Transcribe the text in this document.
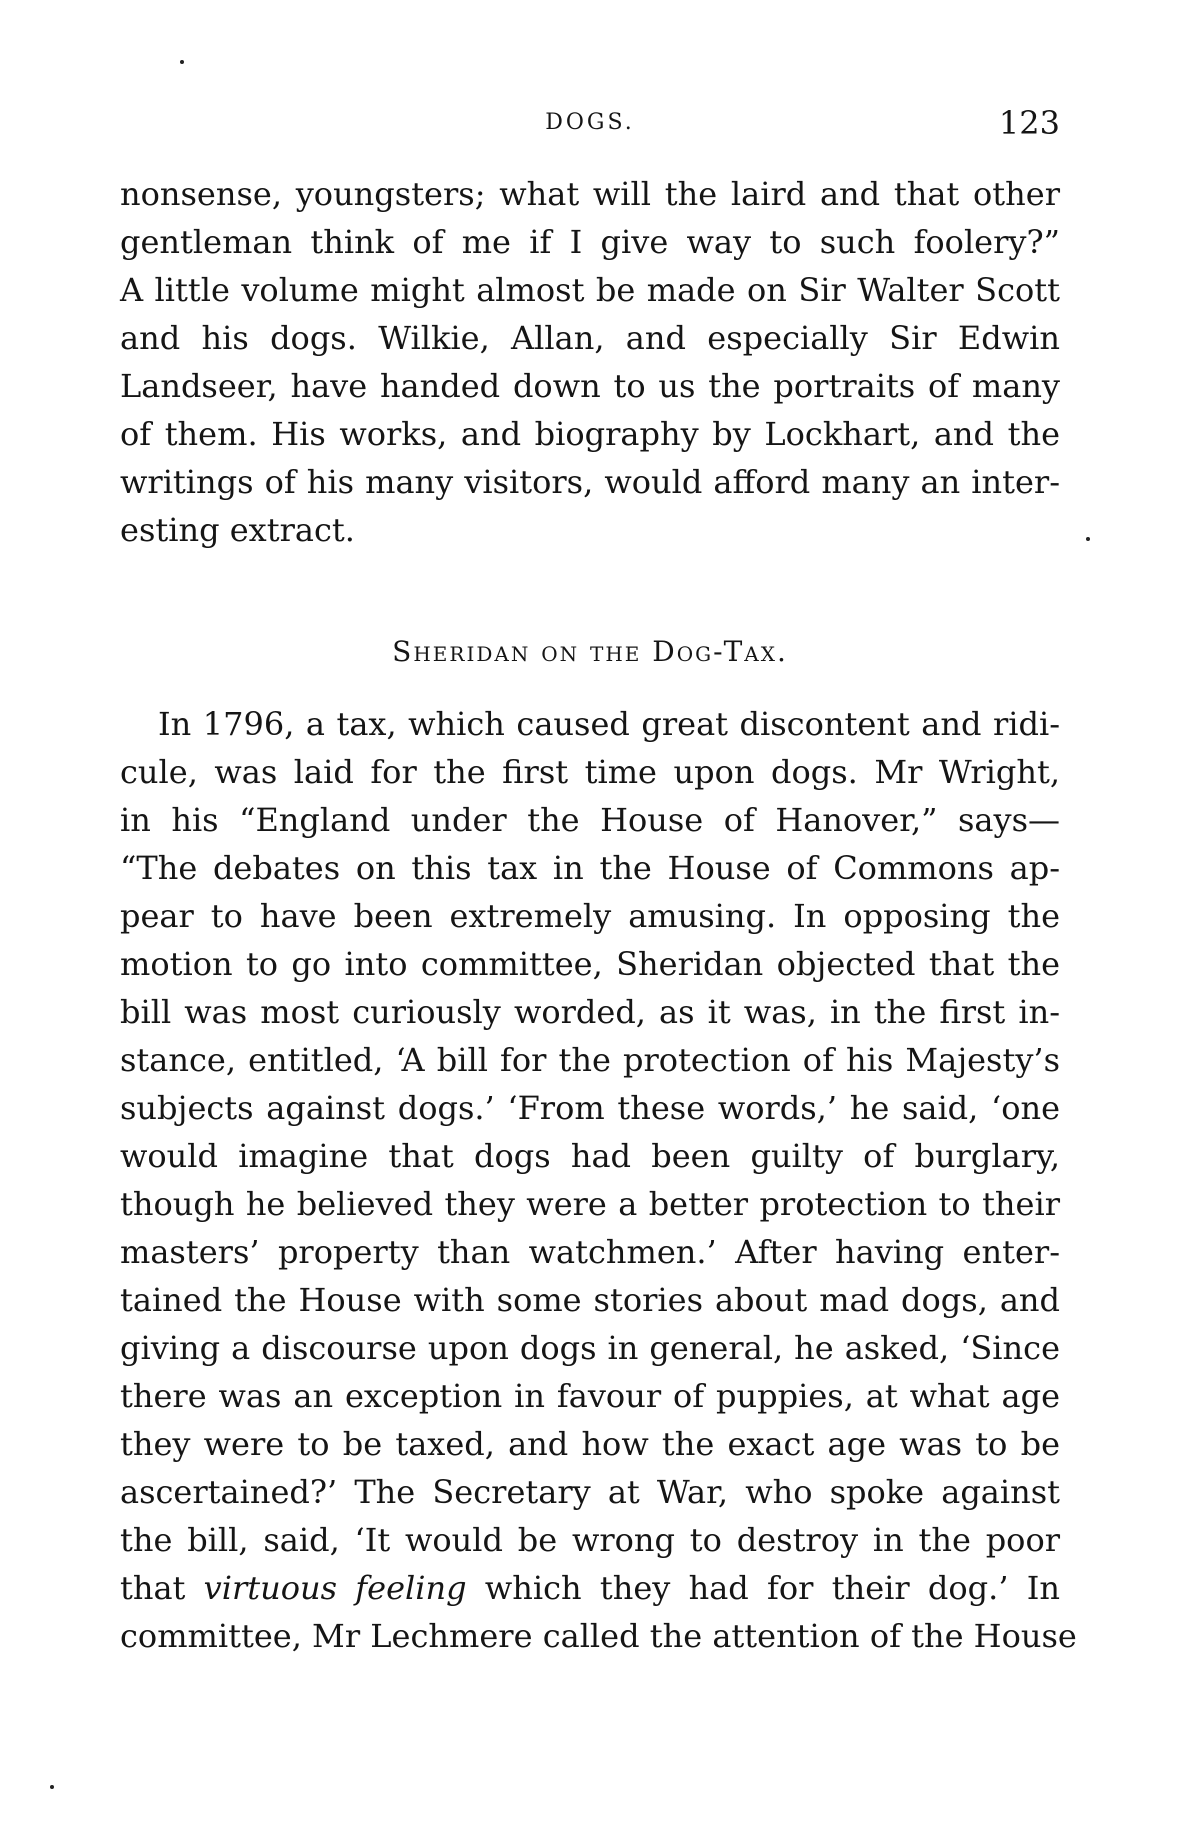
DOGS.	123
nonsense, youngsters; what will the laird and that other
gentleman think of me if I give way to such foolery?”
A little volume might almost be made on Sir Walter Scott
and his dogs. Wilkie, Allan, and especially Sir Edwin
Landseer, have handed down to us the portraits of many
of them. His works, and biography by Lockhart, and the
writings of his many visitors, would afford many an inter-
esting extract.
Sheridan on the Dog-Tax.
In 1796, a tax, which caused great discontent and ridi-
cule, was laid for the first time upon dogs. Mr Wright,
in his “England under the House of Hanover,” says—
“The debates on this tax in the House of Commons ap-
pear to have been extremely amusing. In opposing the
motion to go into committee, Sheridan objected that the
bill was most curiously worded, as it was, in the first in-
stance, entitled, ‘A bill for the protection of his Majesty’s
subjects against dogs.’ ‘From these words,’ he said, ‘one
would imagine that dogs had been guilty of burglary,
though he believed they were a better protection to their
masters’ property than watchmen.’ After having enter-
tained the House with some stories about mad dogs, and
giving a discourse upon dogs in general, he asked, ‘Since
there was an exception in favour of puppies, at what age
they were to be taxed, and how the exact age was to be
ascertained?’ The Secretary at War, who spoke against
the bill, said, ‘It would be wrong to destroy in the poor
that virtuous feeling which they had for their dog.’ In
committee, Mr Lechmere called the attention of the House
